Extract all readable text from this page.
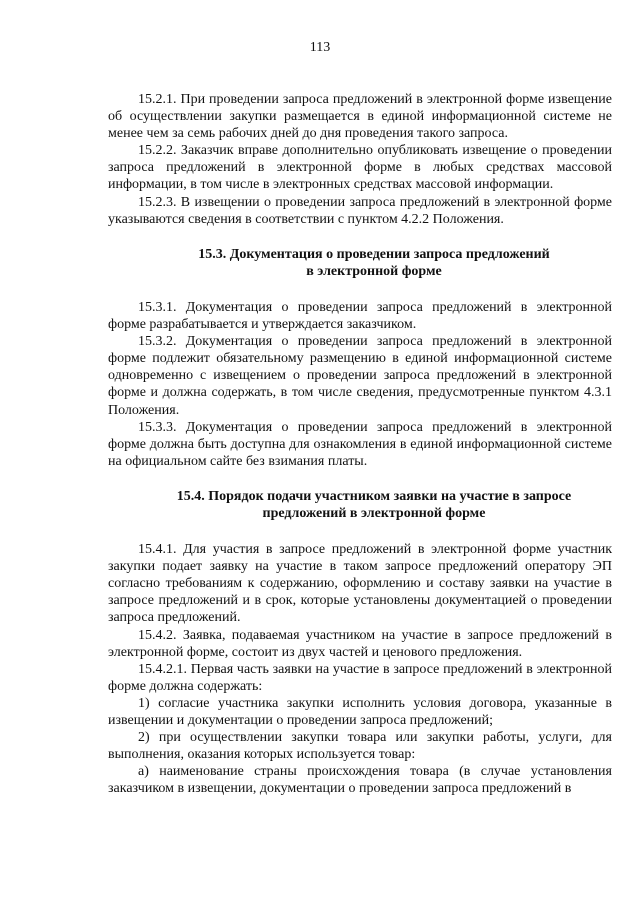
113

15.2.1. При проведении запроса предложений в электронной форме извещение об осуществлении закупки размещается в единой информационной системе не менее чем за семь рабочих дней до дня проведения такого запроса.

15.2.2. Заказчик вправе дополнительно опубликовать извещение о проведении запроса предложений в электронной форме в любых средствах массовой информации, в том числе в электронных средствах массовой информации.

15.2.3. В извещении о проведении запроса предложений в электронной форме указываются сведения в соответствии с пунктом 4.2.2 Положения.

15.3. Документация о проведении запроса предложений
в электронной форме

15.3.1. Документация о проведении запроса предложений в электронной форме разрабатывается и утверждается заказчиком.

15.3.2. Документация о проведении запроса предложений в электронной форме подлежит обязательному размещению в единой информационной системе одновременно с извещением о проведении запроса предложений в электронной форме и должна содержать, в том числе сведения, предусмотренные пунктом 4.3.1 Положения.

15.3.3. Документация о проведении запроса предложений в электронной форме должна быть доступна для ознакомления в единой информационной системе на официальном сайте без взимания платы.

15.4. Порядок подачи участником заявки на участие в запросе
предложений в электронной форме

15.4.1. Для участия в запросе предложений в электронной форме участник закупки подает заявку на участие в таком запросе предложений оператору ЭП согласно требованиям к содержанию, оформлению и составу заявки на участие в запросе предложений и в срок, которые установлены документацией о проведении запроса предложений.

15.4.2. Заявка, подаваемая участником на участие в запросе предложений в электронной форме, состоит из двух частей и ценового предложения.

15.4.2.1. Первая часть заявки на участие в запросе предложений в электронной форме должна содержать:

1) согласие участника закупки исполнить условия договора, указанные в извещении и документации о проведении запроса предложений;

2) при осуществлении закупки товара или закупки работы, услуги, для выполнения, оказания которых используется товар:

а) наименование страны происхождения товара (в случае установления заказчиком в извещении, документации о проведении запроса предложений в
